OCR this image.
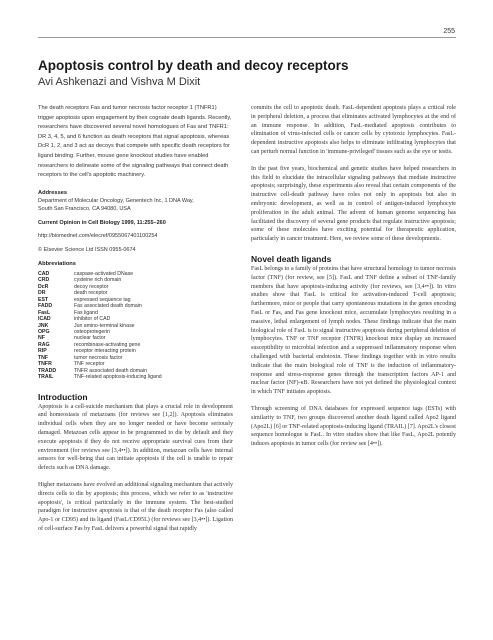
255
Apoptosis control by death and decoy receptors
Avi Ashkenazi and Vishva M Dixit

The death receptors Fas and tumor necrosis factor receptor 1 (TNFR1) trigger apoptosis upon engagement by their cognate death ligands. Recently, researchers have discovered several novel homologues of Fas and TNFR1: DR 3, 4, 5, and 6 function as death receptors that signal apoptosis, whereas DcR 1, 2, and 3 act as decoys that compete with specific death receptors for ligand binding. Further, mouse gene knockout studies have enabled researchers to delineate some of the signaling pathways that connect death receptors to the cell's apoptotic machinery.

Addresses

Department of Molecular Oncology, Genentech Inc, 1 DNA Way,

South San Francisco, CA 94080, USA

Current Opinion in Cell Biology 1999, 11:255–260

http://biomednet.com/elecref/0955067401100254

© Elsevier Science Ltd ISSN 0955-0674

Abbreviations

CAD	caspase-activated DNase
CRD	cysteine rich domain
DcR	decoy receptor
DR	death receptor
EST	expressed sequence tag
FADD	Fas associated death domain
FasL	Fas ligand
ICAD	inhibitor of CAD
JNK	Jun amino-terminal kinase
OPG	osteoprotegerin
NF	nuclear factor
RAG	recombinase-activating gene
RIP	receptor interacting protein
TNF	tumor necrosis factor
TNFR	TNF receptor
TRADD	TNFR associated death domain
TRAIL	TNF-related apoptosis-inducing ligand
Introduction

Apoptosis is a cell-suicide mechanism that plays a crucial role in development and homeostasis of metazoans (for reviews see [1,2]). Apoptosis eliminates individual cells when they are no longer needed or have become seriously damaged. Metazoan cells appear to be programmed to die by default and they execute apoptosis if they do not receive appropriate survival cues from their environment (for reviews see [3,4••]). In addition, metazoan cells have internal sensors for well-being that can initiate apoptosis if the cell is unable to repair defects such as DNA damage.

Higher metazoans have evolved an additional signaling mechanism that actively directs cells to die by apoptosis; this process, which we refer to as 'instructive apoptosis', is critical particularly in the immune system. The best-studied paradigm for instructive apoptosis is that of the death receptor Fas (also called Apo-1 or CD95) and its ligand (FasL/CD95L) (for reviews see [3,4••]). Ligation of cell-surface Fas by FasL delivers a powerful signal that rapidly

commits the cell to apoptotic death. FasL-dependent apoptosis plays a critical role in peripheral deletion, a process that eliminates activated lymphocytes at the end of an immune response. In addition, FasL-mediated apoptosis contributes to elimination of virus-infected cells or cancer cells by cytotoxic lymphocytes. FasL-dependent instructive apoptosis also helps to eliminate infiltrating lymphocytes that can perturb normal function in 'immune-privileged' tissues such as the eye or testis.

In the past five years, biochemical and genetic studies have helped researchers in this field to elucidate the intracellular signaling pathways that mediate instructive apoptosis; surprisingly, these experiments also reveal that certain components of the instructive cell-death pathway have roles not only in apoptosis but also in embryonic development, as well as in control of antigen-induced lymphocyte proliferation in the adult animal. The advent of human genome sequencing has facilitated the discovery of several gene products that regulate instructive apoptosis; some of these molecules have exciting potential for therapeutic application, particularly in cancer treatment. Here, we review some of these developments.

Novel death ligands

FasL belongs to a family of proteins that have structural homology to tumor necrosis factor (TNF) (for review, see [5]). FasL and TNF define a subset of TNF-family members that have apoptosis-inducing activity (for reviews, see [3,4••]). In vitro studies show that FasL is critical for activation-induced T-cell apoptosis; furthermore, mice or people that carry spontaneous mutations in the genes encoding FasL or Fas, and Fas gene knockout mice, accumulate lymphocytes resulting in a massive, lethal enlargement of lymph nodes. These findings indicate that the main biological role of FasL is to signal instructive apoptosis during peripheral deletion of lymphocytes. TNF or TNF receptor (TNFR) knockout mice display an increased susceptibility to microbial infection and a suppressed inflammatory response when challenged with bacterial endotoxin. These findings together with in vitro results indicate that the main biological role of TNF is the induction of inflammatory-response and stress-response genes through the transcription factors AP-1 and nuclear factor (NF)-κB. Researchers have not yet defined the physiological context in which TNF initiates apoptosis.

Through screening of DNA databases for expressed sequence tags (ESTs) with similarity to TNF, two groups discovered another death ligand called Apo2 ligand (Apo2L) [6] or TNF-related apoptosis-inducing ligand (TRAIL) [7]. Apo2L's closest sequence homologue is FasL. In vitro studies show that like FasL, Apo2L potently induces apoptosis in tumor cells (for review see [4••]).
